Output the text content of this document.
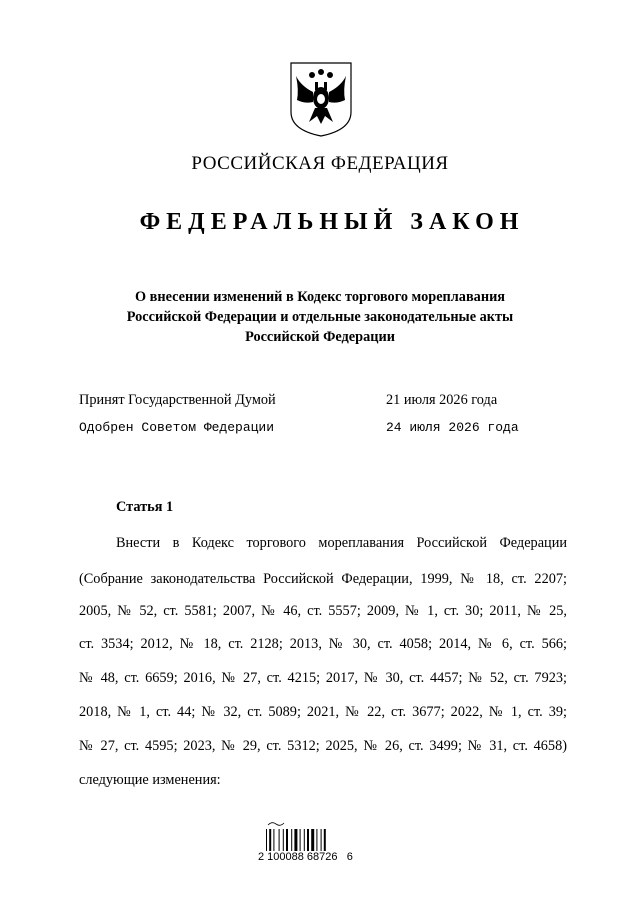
РОССИЙСКАЯ ФЕДЕРАЦИЯ

ФЕДЕРАЛЬНЫЙ ЗАКОН

О внесении изменений в Кодекс торгового мореплавания
Российской Федерации и отдельные законодательные акты
Российской Федерации
Принят Государственной Думой	21 июля 2026 года
Одобрен Советом Федерации	24 июля 2026 года
Статья 1
Внести в Кодекс торгового мореплавания Российской Федерации
(Собрание законодательства Российской Федерации, 1999, № 18, ст. 2207;
2005, № 52, ст. 5581; 2007, № 46, ст. 5557; 2009, № 1, ст. 30; 2011, № 25,
ст. 3534; 2012, № 18, ст. 2128; 2013, № 30, ст. 4058; 2014, № 6, ст. 566;
№ 48, ст. 6659; 2016, № 27, ст. 4215; 2017, № 30, ст. 4457; № 52, ст. 7923;
2018, № 1, ст. 44; № 32, ст. 5089; 2021, № 22, ст. 3677; 2022, № 1, ст. 39;
№ 27, ст. 4595; 2023, № 29, ст. 5312; 2025, № 26, ст. 3499; № 31, ст. 4658)
следующие изменения:
2 100088 68726   6
